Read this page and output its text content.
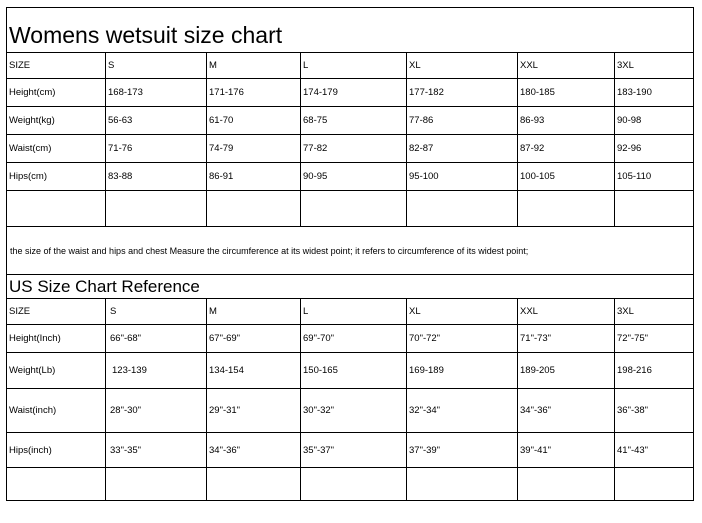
Womens wetsuit size chart						
SIZE	S	M	L	XL	XXL	3XL
Height(cm)	168-173	171-176	174-179	177-182	180-185	183-190
Weight(kg)	56-63	61-70	68-75	77-86	86-93	90-98
Waist(cm)	71-76	74-79	77-82	82-87	87-92	92-96
Hips(cm)	83-88	86-91	90-95	95-100	100-105	105-110

the size of the waist and hips and chest Measure the circumference at its widest point; it refers to circumference of its widest point;						
US Size Chart Reference						
SIZE	S	M	L	XL	XXL	3XL
Height(Inch)	66"-68"	67"-69"	69"-70"	70"-72"	71"-73"	72"-75"
Weight(Lb)	123-139	134-154	150-165	169-189	189-205	198-216
Waist(inch)	28"-30"	29"-31"	30"-32"	32"-34"	34"-36"	36"-38"
Hips(inch)	33"-35"	34"-36"	35"-37"	37"-39"	39"-41"	41"-43"
